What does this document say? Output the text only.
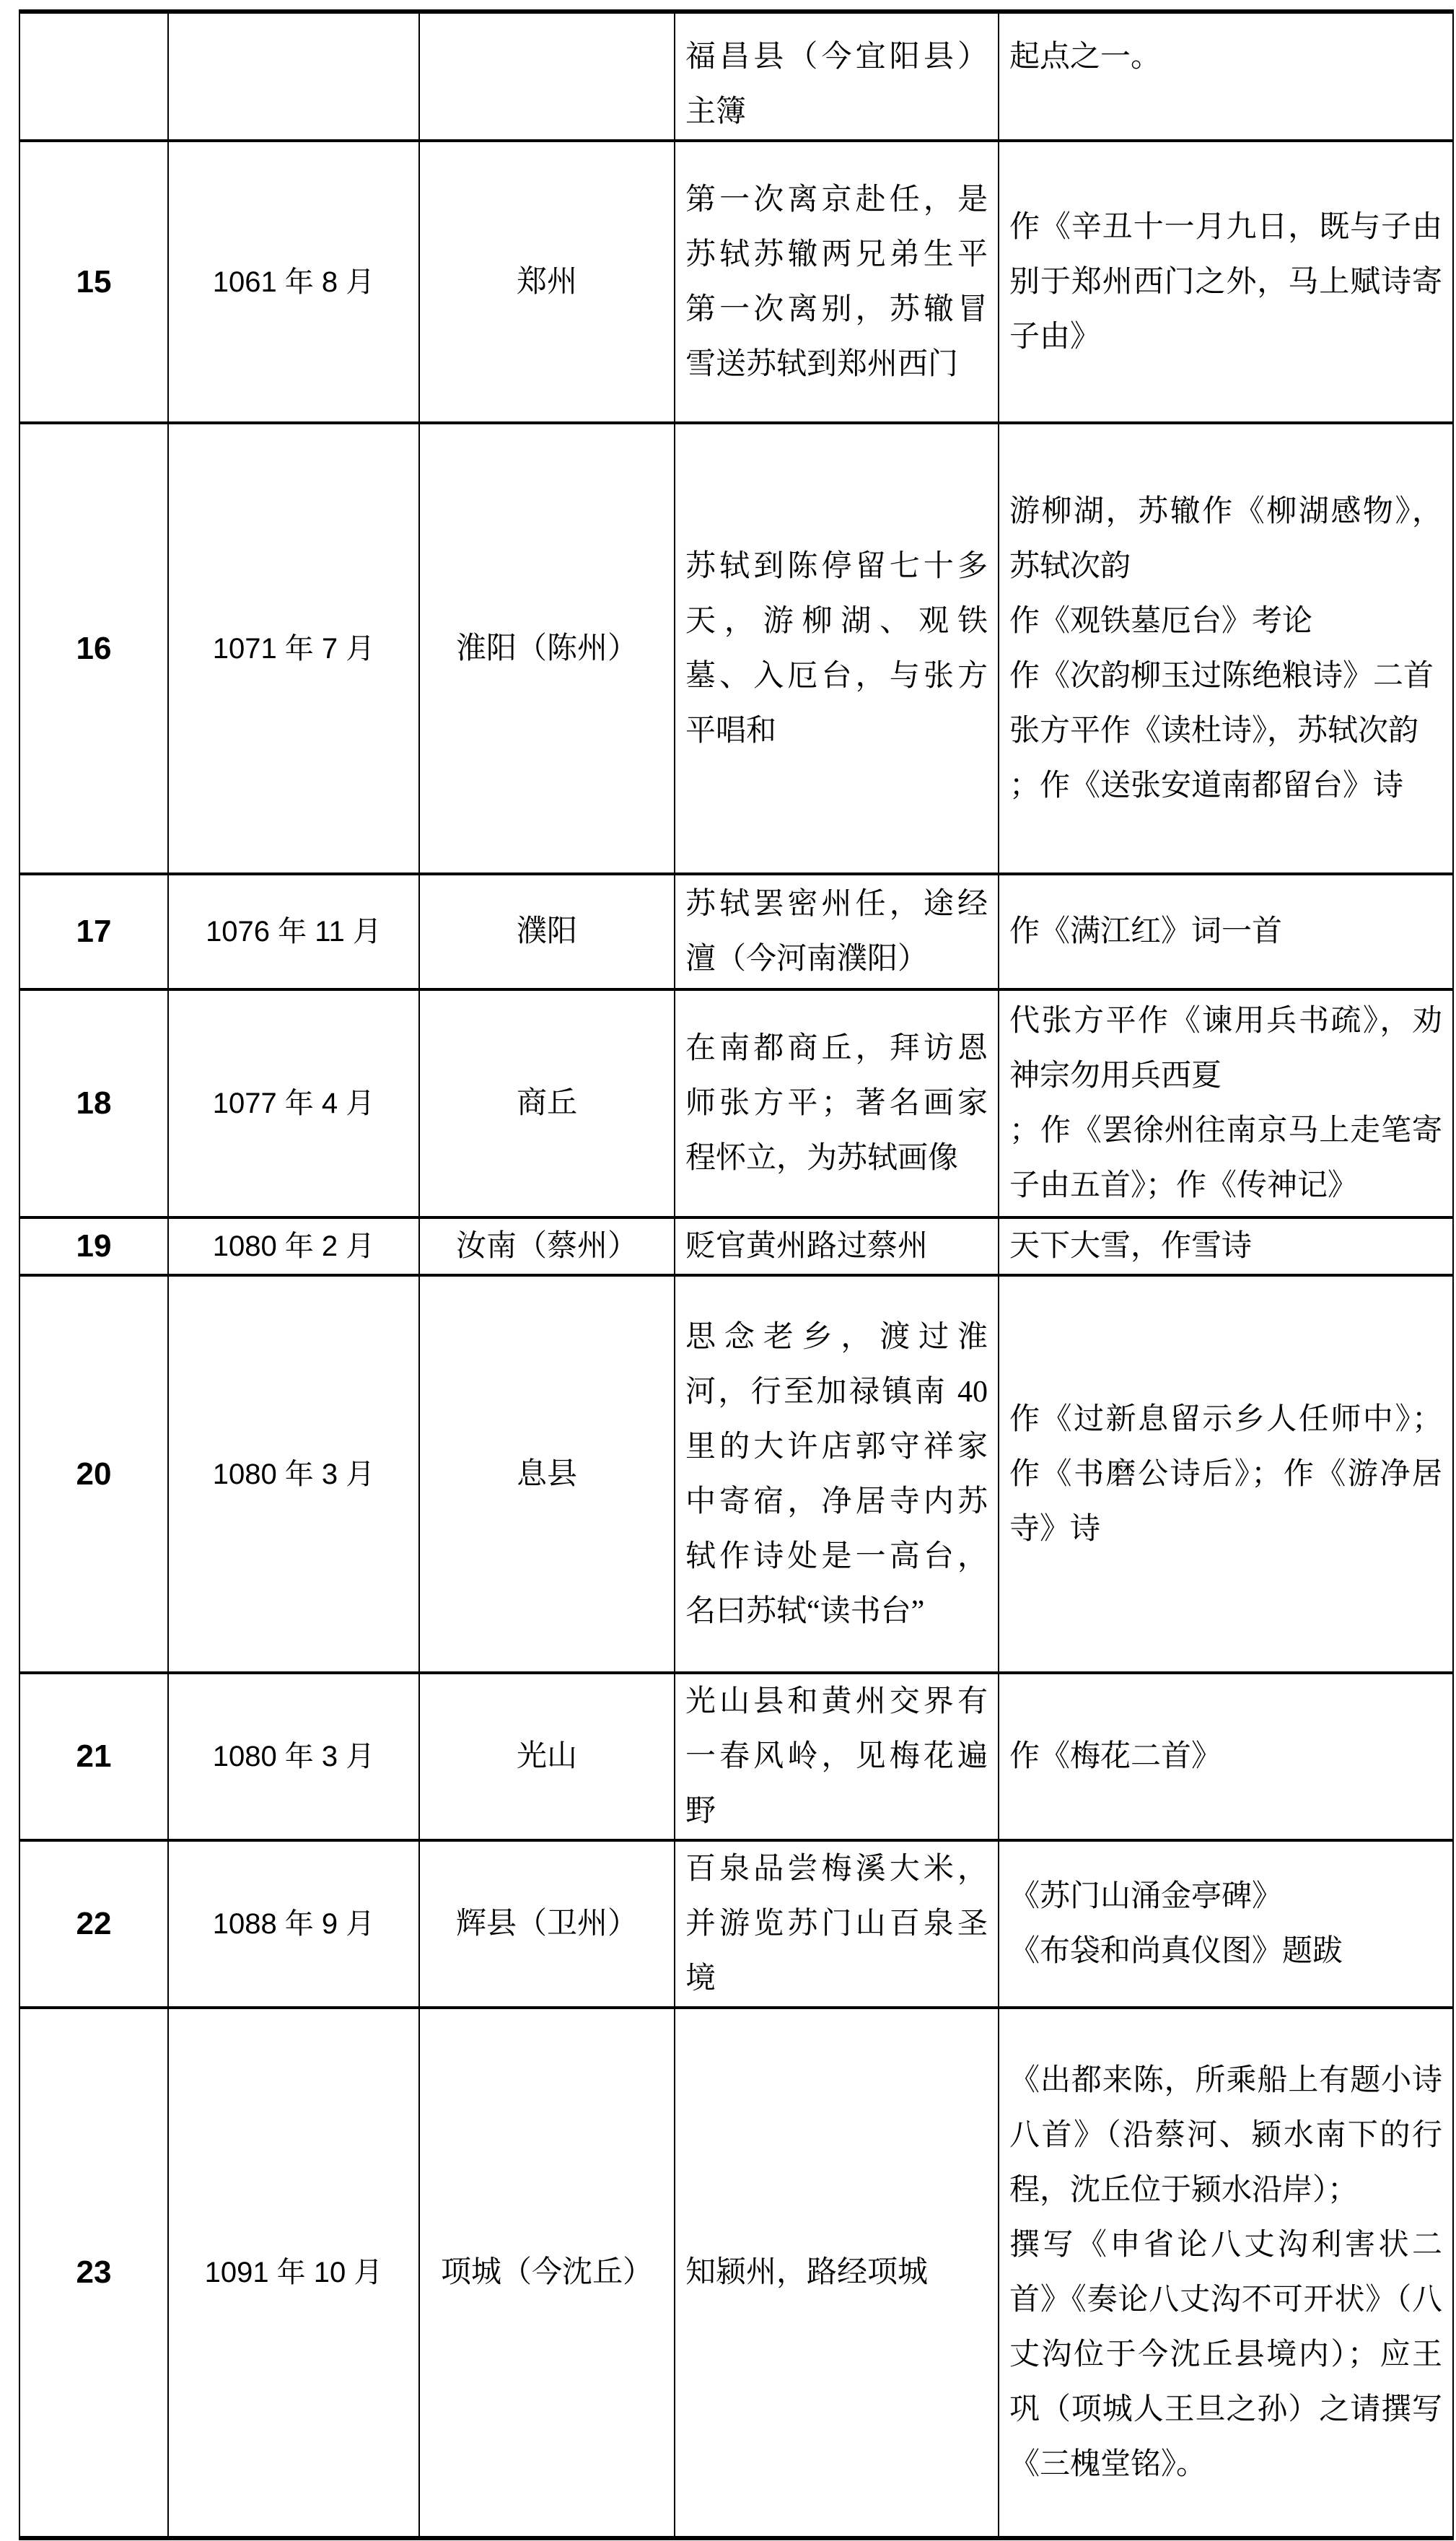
			福昌县（今宜阳县）主簿	起点之一。

15	1061 年 8 月	郑州	第一次离京赴任，是苏轼苏辙两兄弟生平第一次离别，苏辙冒雪送苏轼到郑州西门	作《辛丑十一月九日，既与子由别于郑州西门之外，马上赋诗寄子由》

16	1071 年 7 月	淮阳（陈州）	苏轼到陈停留七十多天，游柳湖、观铁墓、入厄台，与张方平唱和	游柳湖，苏辙作《柳湖感物》，苏轼次韵

作《观铁墓厄台》考论

作《次韵柳玉过陈绝粮诗》二首

张方平作《读杜诗》，苏轼次韵

；作《送张安道南都留台》诗

17	1076 年 11 月	濮阳	苏轼罢密州任，途经澶（今河南濮阳）	作《满江红》词一首

18	1077 年 4 月	商丘	在南都商丘，拜访恩师张方平；著名画家程怀立，为苏轼画像	代张方平作《谏用兵书疏》，劝神宗勿用兵西夏

；作《罢徐州往南京马上走笔寄子由五首》；作《传神记》

19	1080 年 2 月	汝南（蔡州）	贬官黄州路过蔡州	天下大雪，作雪诗

20	1080 年 3 月	息县	思念老乡，渡过淮河，行至加禄镇南 40 里的大许店郭守祥家中寄宿，净居寺内苏轼作诗处是一高台，名曰苏轼“读书台”	作《过新息留示乡人任师中》；作《书磨公诗后》；作《游净居寺》诗

21	1080 年 3 月	光山	光山县和黄州交界有一春风岭，见梅花遍野	作《梅花二首》

22	1088 年 9 月	辉县（卫州）	百泉品尝梅溪大米，并游览苏门山百泉圣境	《苏门山涌金亭碑》

《布袋和尚真仪图》题跋

23	1091 年 10 月	项城（今沈丘）	知颍州，路经项城	《出都来陈，所乘船上有题小诗八首》（沿蔡河、颍水南下的行程，沈丘位于颍水沿岸）；

撰写《申省论八丈沟利害状二首》《奏论八丈沟不可开状》（八丈沟位于今沈丘县境内）；应王巩（项城人王旦之孙）之请撰写《三槐堂铭》。
